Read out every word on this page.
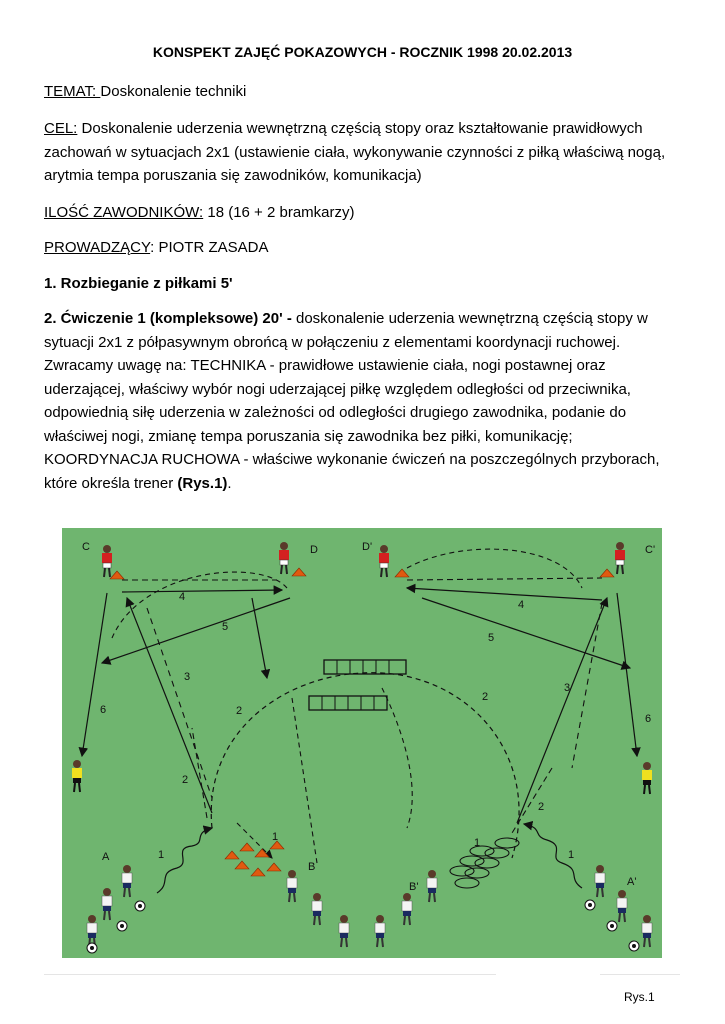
KONSPEKT ZAJĘĆ POKAZOWYCH - ROCZNIK 1998 20.02.2013
TEMAT: Doskonalenie techniki
CEL: Doskonalenie uderzenia wewnętrzną częścią stopy oraz kształtowanie prawidłowych zachowań w sytuacjach 2x1 (ustawienie ciała, wykonywanie czynności z piłką właściwą nogą, arytmia tempa poruszania się zawodników, komunikacja)
ILOŚĆ ZAWODNIKÓW: 18 (16 + 2 bramkarzy)
PROWADZĄCY: PIOTR ZASADA
1. Rozbieganie z piłkami 5'
2. Ćwiczenie 1 (kompleksowe) 20' - doskonalenie uderzenia wewnętrzną częścią stopy w sytuacji 2x1 z półpasywnym obrońcą w połączeniu z elementami koordynacji ruchowej. Zwracamy uwagę na: TECHNIKA - prawidłowe ustawienie ciała, nogi postawnej oraz uderzającej, właściwy wybór nogi uderzającej piłkę względem odległości od przeciwnika, odpowiednią siłę uderzenia w zależności od odległości drugiego zawodnika, podanie do właściwej nogi, zmianę tempa poruszania się zawodnika bez piłki, komunikację; KOORDYNACJA RUCHOWA - właściwe wykonanie ćwiczeń na poszczególnych przyborach, które określa trener (Rys.1).
C	D	D'	C'
A
B
B'	A'
4
5
3
6	2
2
1
1
4
5
2
3
6
2
1
1
Rys.1
